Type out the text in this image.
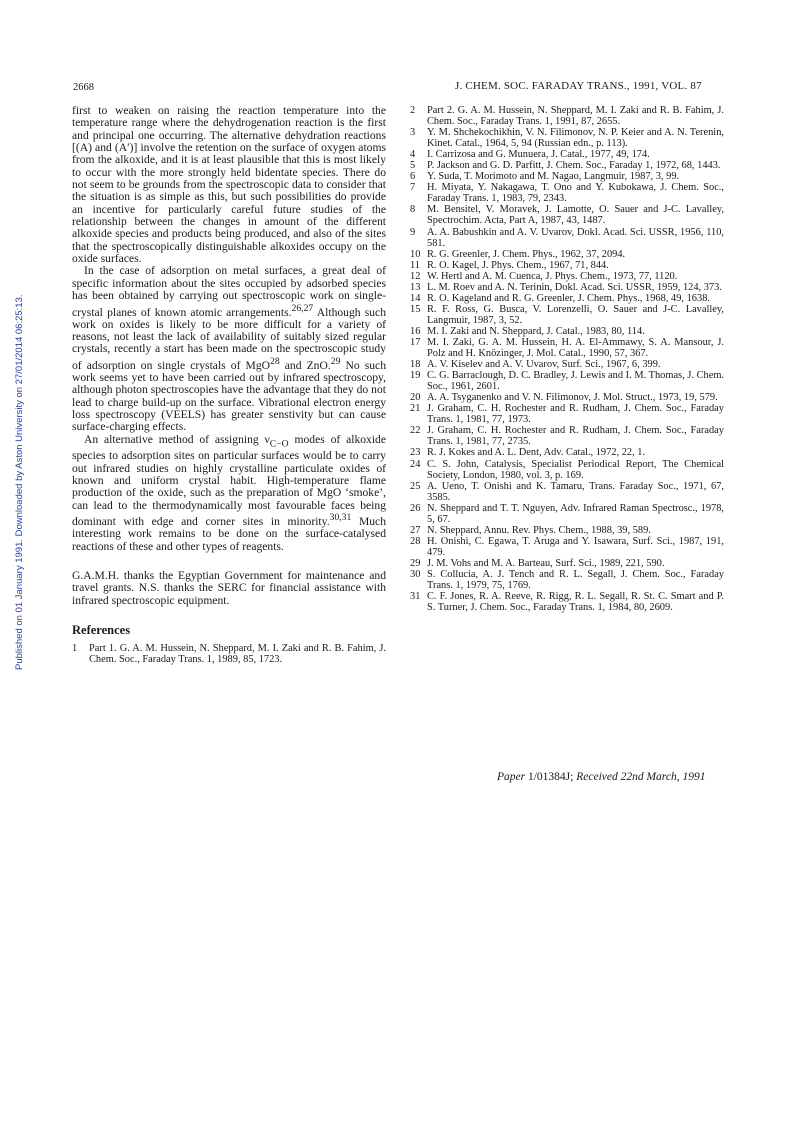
Published on 01 January 1991. Downloaded by Aston University on 27/01/2014 06:25:13.
2668	J. CHEM. SOC. FARADAY TRANS., 1991, VOL. 87

first to weaken on raising the reaction temperature into the temperature range where the dehydrogenation reaction is the first and principal one occurring. The alternative dehydration reactions [(A) and (A′)] involve the retention on the surface of oxygen atoms from the alkoxide, and it is at least plausible that this is most likely to occur with the more strongly held bidentate species. There do not seem to be grounds from the spectroscopic data to consider that the situation is as simple as this, but such possibilities do provide an incentive for particularly careful future studies of the relationship between the changes in amount of the different alkoxide species and products being produced, and also of the sites that the spectroscopically distinguishable alkoxides occupy on the oxide surfaces.

In the case of adsorption on metal surfaces, a great deal of specific information about the sites occupied by adsorbed species has been obtained by carrying out spectroscopic work on single-crystal planes of known atomic arrangements.$^{26,27}$ Although such work on oxides is likely to be more difficult for a variety of reasons, not least the lack of availability of suitably sized regular crystals, recently a start has been made on the spectroscopic study of adsorption on single crystals of MgO$^{28}$ and ZnO.$^{29}$ No such work seems yet to have been carried out by infrared spectroscopy, although photon spectroscopies have the advantage that they do not lead to charge build-up on the surface. Vibrational electron energy loss spectroscopy (VEELS) has greater senstivity but can cause surface-charging effects.

An alternative method of assigning $\nu_{C-O}$ modes of alkoxide species to adsorption sites on particular surfaces would be to carry out infrared studies on highly crystalline particulate oxides of known and uniform crystal habit. High-temperature flame production of the oxide, such as the preparation of MgO ‘smoke’, can lead to the thermodynamically most favourable faces being dominant with edge and corner sites in minority.$^{30,31}$ Much interesting work remains to be done on the surface-catalysed reactions of these and other types of reagents.

G.A.M.H. thanks the Egyptian Government for maintenance and travel grants. N.S. thanks the SERC for financial assistance with infrared spectroscopic equipment.

References
1	Part 1. G. A. M. Hussein, N. Sheppard, M. I. Zaki and R. B. Fahim, J. Chem. Soc., Faraday Trans. 1, 1989, 85, 1723.
2	Part 2. G. A. M. Hussein, N. Sheppard, M. I. Zaki and R. B. Fahim, J. Chem. Soc., Faraday Trans. 1, 1991, 87, 2655.
3	Y. M. Shchekochikhin, V. N. Filimonov, N. P. Keier and A. N. Terenin, Kinet. Catal., 1964, 5, 94 (Russian edn., p. 113).
4	I. Carrizosa and G. Munuera, J. Catal., 1977, 49, 174.
5	P. Jackson and G. D. Parfitt, J. Chem. Soc., Faraday 1, 1972, 68, 1443.
6	Y. Suda, T. Morimoto and M. Nagao, Langmuir, 1987, 3, 99.
7	H. Miyata, Y. Nakagawa, T. Ono and Y. Kubokawa, J. Chem. Soc., Faraday Trans. 1, 1983, 79, 2343.
8	M. Bensitel, V. Moravek, J. Lamotte, O. Sauer and J-C. Lavalley, Spectrochim. Acta, Part A, 1987, 43, 1487.
9	A. A. Babushkin and A. V. Uvarov, Dokl. Acad. Sci. USSR, 1956, 110, 581.
10 R. G. Greenler, J. Chem. Phys., 1962, 37, 2094.
11 R. O. Kagel, J. Phys. Chem., 1967, 71, 844.
12 W. Hertl and A. M. Cuenca, J. Phys. Chem., 1973, 77, 1120.
13 L. M. Roev and A. N. Terinin, Dokl. Acad. Sci. USSR, 1959, 124, 373.
14 R. O. Kageland and R. G. Greenler, J. Chem. Phys., 1968, 49, 1638.
15 R. F. Ross, G. Busca, V. Lorenzelli, O. Sauer and J-C. Lavalley, Langmuir, 1987, 3, 52.
16 M. I. Zaki and N. Sheppard, J. Catal., 1983, 80, 114.
17 M. I. Zaki, G. A. M. Hussein, H. A. El-Ammawy, S. A. Mansour, J. Polz and H. Knözinger, J. Mol. Catal., 1990, 57, 367.
18 A. V. Kiselev and A. V. Uvarov, Surf. Sci., 1967, 6, 399.
19 C. G. Barraclough, D. C. Bradley, J. Lewis and I. M. Thomas, J. Chem. Soc., 1961, 2601.
20 A. A. Tsyganenko and V. N. Filimonov, J. Mol. Struct., 1973, 19, 579.
21 J. Graham, C. H. Rochester and R. Rudham, J. Chem. Soc., Faraday Trans. 1, 1981, 77, 1973.
22 J. Graham, C. H. Rochester and R. Rudham, J. Chem. Soc., Faraday Trans. 1, 1981, 77, 2735.
23 R. J. Kokes and A. L. Dent, Adv. Catal., 1972, 22, 1.
24 C. S. John, Catalysis, Specialist Periodical Report, The Chemical Society, London, 1980, vol. 3, p. 169.
25 A. Ueno, T. Onishi and K. Tamaru, Trans. Faraday Soc., 1971, 67, 3585.
26 N. Sheppard and T. T. Nguyen, Adv. Infrared Raman Spectrosc., 1978, 5, 67.
27 N. Sheppard, Annu. Rev. Phys. Chem., 1988, 39, 589.
28 H. Onishi, C. Egawa, T. Aruga and Y. Isawara, Surf. Sci., 1987, 191, 479.
29 J. M. Vohs and M. A. Barteau, Surf. Sci., 1989, 221, 590.
30 S. Collucia, A. J. Tench and R. L. Segall, J. Chem. Soc., Faraday Trans. 1, 1979, 75, 1769.
31 C. F. Jones, R. A. Reeve, R. Rigg, R. L. Segall, R. St. C. Smart and P. S. Turner, J. Chem. Soc., Faraday Trans. 1, 1984, 80, 2609.
Paper 1/01384J; Received 22nd March, 1991
